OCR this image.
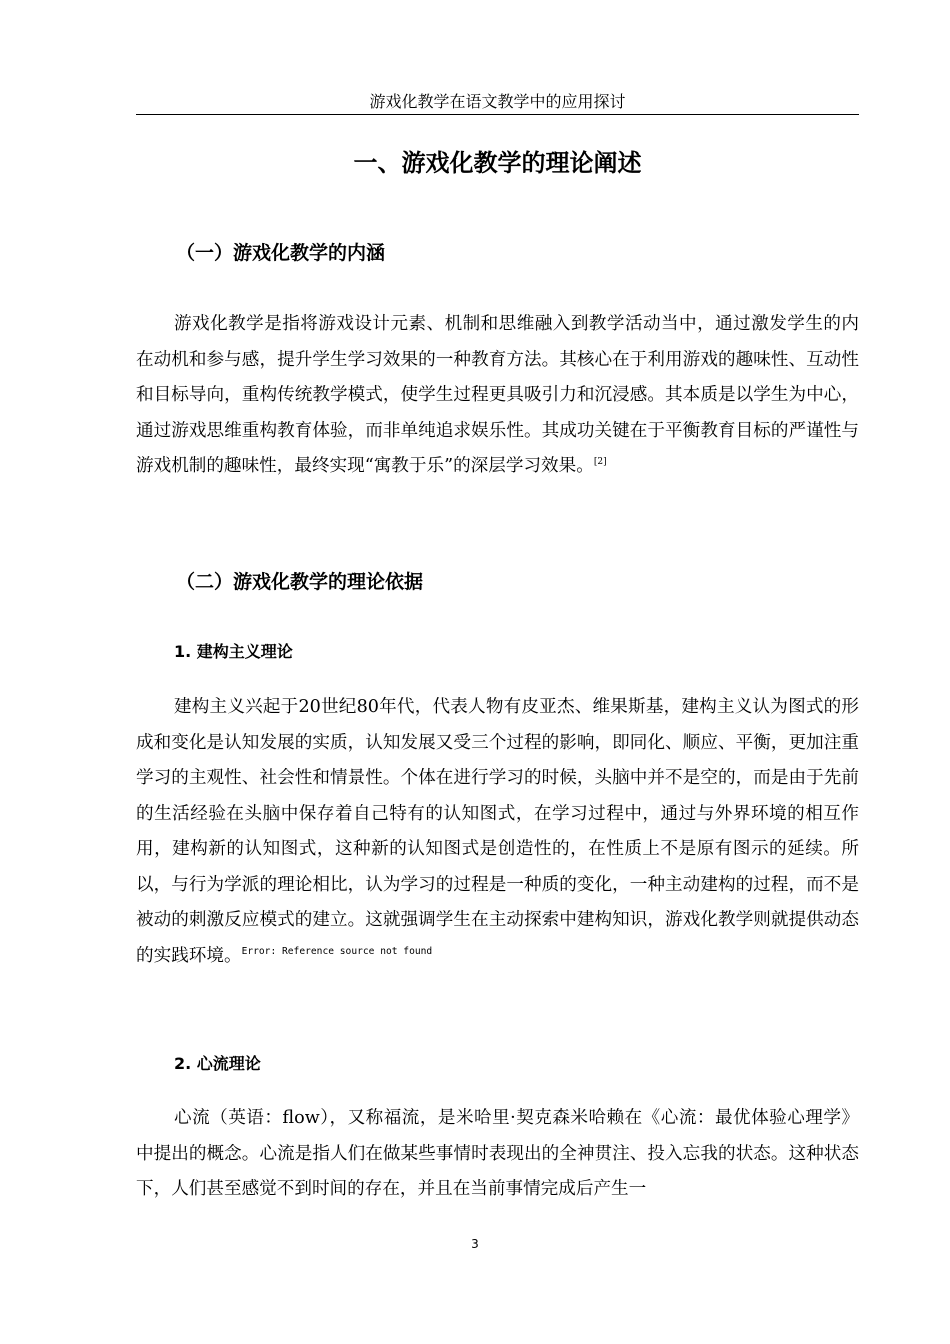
游戏化教学在语文教学中的应用探讨
一、游戏化教学的理论阐述
（一）游戏化教学的内涵
游戏化教学是指将游戏设计元素、机制和思维融入到教学活动当中，通过激发学生的内在动机和参与感，提升学生学习效果的一种教育方法。其核心在于利用游戏的趣味性、互动性和目标导向，重构传统教学模式，使学生过程更具吸引力和沉浸感。其本质是以学生为中心，通过游戏思维重构教育体验，而非单纯追求娱乐性。其成功关键在于平衡教育目标的严谨性与游戏机制的趣味性，最终实现“寓教于乐”的深层学习效果。[2]
（二）游戏化教学的理论依据
1. 建构主义理论
建构主义兴起于20世纪80年代，代表人物有皮亚杰、维果斯基，建构主义认为图式的形成和变化是认知发展的实质，认知发展又受三个过程的影响，即同化、顺应、平衡，更加注重学习的主观性、社会性和情景性。个体在进行学习的时候，头脑中并不是空的，而是由于先前的生活经验在头脑中保存着自己特有的认知图式，在学习过程中，通过与外界环境的相互作用，建构新的认知图式，这种新的认知图式是创造性的，在性质上不是原有图示的延续。所以，与行为学派的理论相比，认为学习的过程是一种质的变化，一种主动建构的过程，而不是被动的刺激反应模式的建立。这就强调学生在主动探索中建构知识，游戏化教学则就提供动态的实践环境。$^{Error: Reference source not found}$
2. 心流理论
心流（英语：flow），又称福流，是米哈里·契克森米哈赖在《心流：最优体验心理学》中提出的概念。心流是指人们在做某些事情时表现出的全神贯注、投入忘我的状态。这种状态下，人们甚至感觉不到时间的存在，并且在当前事情完成后产生一
3
